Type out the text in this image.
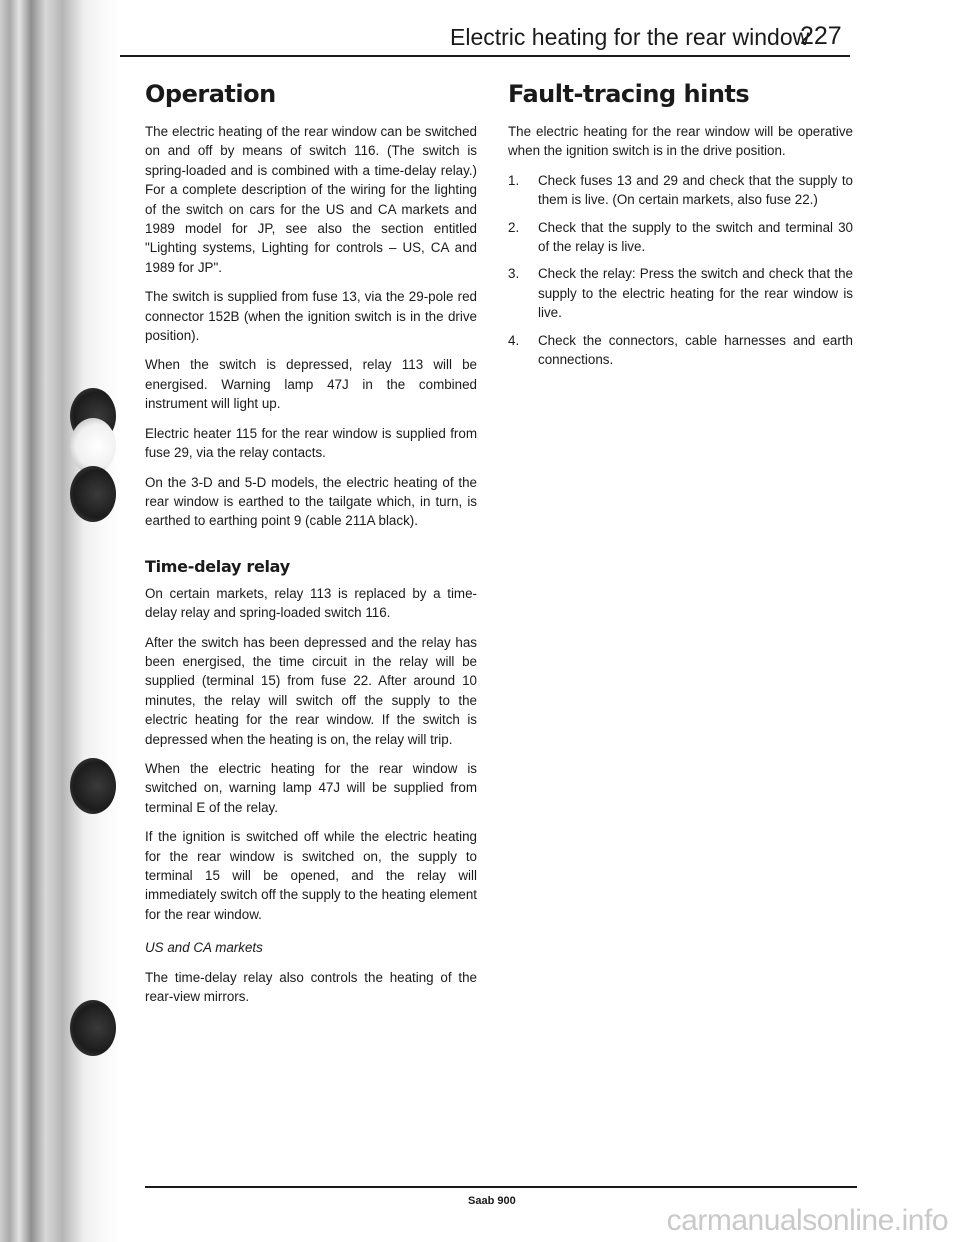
Electric heating for the rear window
227
Operation

The electric heating of the rear window can be switched on and off by means of switch 116. (The switch is spring-loaded and is combined with a time-delay relay.) For a complete description of the wiring for the lighting of the switch on cars for the US and CA markets and 1989 model for JP, see also the section entitled "Lighting systems, Lighting for controls – US, CA and 1989 for JP".

The switch is supplied from fuse 13, via the 29-pole red connector 152B (when the ignition switch is in the drive position).

When the switch is depressed, relay 113 will be energised. Warning lamp 47J in the combined instrument will light up.

Electric heater 115 for the rear window is supplied from fuse 29, via the relay contacts.

On the 3-D and 5-D models, the electric heating of the rear window is earthed to the tailgate which, in turn, is earthed to earthing point 9 (cable 211A black).

Time-delay relay

On certain markets, relay 113 is replaced by a time-delay relay and spring-loaded switch 116.

After the switch has been depressed and the relay has been energised, the time circuit in the relay will be supplied (terminal 15) from fuse 22. After around 10 minutes, the relay will switch off the supply to the electric heating for the rear window. If the switch is depressed when the heating is on, the relay will trip.

When the electric heating for the rear window is switched on, warning lamp 47J will be supplied from terminal E of the relay.

If the ignition is switched off while the electric heating for the rear window is switched on, the supply to terminal 15 will be opened, and the relay will immediately switch off the supply to the heating element for the rear window.

US and CA markets

The time-delay relay also controls the heating of the rear-view mirrors.

Fault-tracing hints

The electric heating for the rear window will be operative when the ignition switch is in the drive position.

1. Check fuses 13 and 29 and check that the supply to them is live. (On certain markets, also fuse 22.)
2. Check that the supply to the switch and terminal 30 of the relay is live.
3. Check the relay: Press the switch and check that the supply to the electric heating for the rear window is live.
4. Check the connectors, cable harnesses and earth connections.
Saab 900
carmanualsonline.info
